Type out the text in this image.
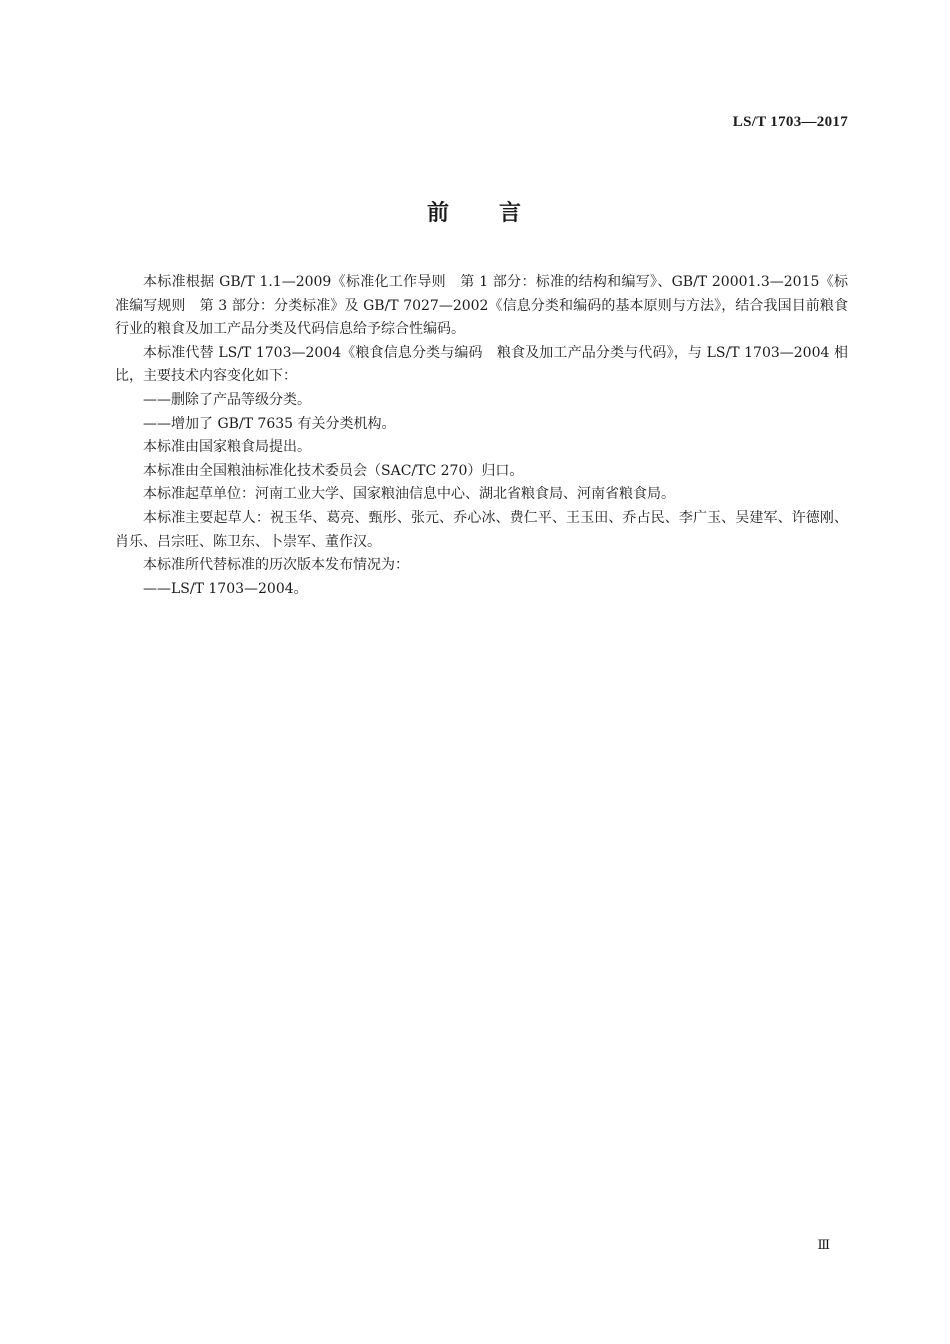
LS/T 1703—2017
前 言

本标准根据 GB/T 1.1—2009《标准化工作导则　第 1 部分：标准的结构和编写》、GB/T 20001.3—2015《标准编写规则　第 3 部分：分类标准》及 GB/T 7027—2002《信息分类和编码的基本原则与方法》，结合我国目前粮食行业的粮食及加工产品分类及代码信息给予综合性编码。

本标准代替 LS/T 1703—2004《粮食信息分类与编码　粮食及加工产品分类与代码》，与 LS/T 1703—2004 相比，主要技术内容变化如下：

——删除了产品等级分类。

——增加了 GB/T 7635 有关分类机构。

本标准由国家粮食局提出。

本标准由全国粮油标准化技术委员会（SAC/TC 270）归口。

本标准起草单位：河南工业大学、国家粮油信息中心、湖北省粮食局、河南省粮食局。

本标准主要起草人：祝玉华、葛亮、甄彤、张元、乔心冰、费仁平、王玉田、乔占民、李广玉、吴建军、许德刚、肖乐、吕宗旺、陈卫东、卜崇军、董作汉。

本标准所代替标准的历次版本发布情况为：

——LS/T 1703—2004。

Ⅲ
